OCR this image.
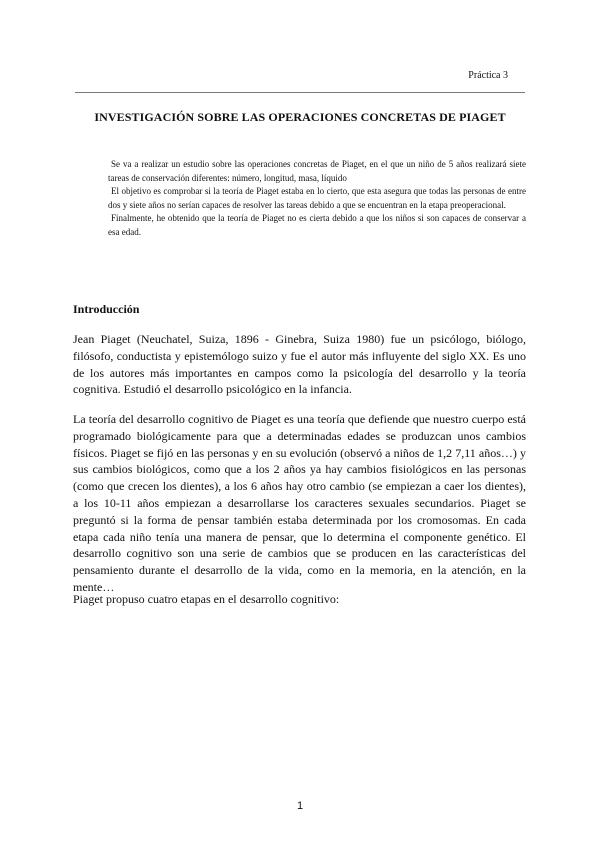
Práctica 3
INVESTIGACIÓN SOBRE LAS OPERACIONES CONCRETAS DE PIAGET

Se va a realizar un estudio sobre las operaciones concretas de Piaget, en el que un niño de 5 años realizará siete tareas de conservación diferentes: número, longitud, masa, líquido

El objetivo es comprobar si la teoría de Piaget estaba en lo cierto, que esta asegura que todas las personas de entre dos y siete años no serían capaces de resolver las tareas debido a que se encuentran en la etapa preoperacional.

Finalmente, he obtenido que la teoría de Piaget no es cierta debido a que los niños si son capaces de conservar a esa edad.

Introducción

Jean Piaget (Neuchatel, Suiza, 1896 - Ginebra, Suiza 1980) fue un psicólogo, biólogo, filósofo, conductista y epistemólogo suizo y fue el autor más influyente del siglo XX. Es uno de los autores más importantes en campos como la psicología del desarrollo y la teoría cognitiva. Estudió el desarrollo psicológico en la infancia.

La teoría del desarrollo cognitivo de Piaget es una teoría que defiende que nuestro cuerpo está programado biológicamente para que a determinadas edades se produzcan unos cambios físicos. Piaget se fijó en las personas y en su evolución (observó a niños de 1,2 7,11 años…) y sus cambios biológicos, como que a los 2 años ya hay cambios fisiológicos en las personas (como que crecen los dientes), a los 6 años hay otro cambio (se empiezan a caer los dientes), a los 10-11 años empiezan a desarrollarse los caracteres sexuales secundarios. Piaget se preguntó si la forma de pensar también estaba determinada por los cromosomas. En cada etapa cada niño tenía una manera de pensar, que lo determina el componente genético. El desarrollo cognitivo son una serie de cambios que se producen en las características del pensamiento durante el desarrollo de la vida, como en la memoria, en la atención, en la mente…

Piaget propuso cuatro etapas en el desarrollo cognitivo:

1
